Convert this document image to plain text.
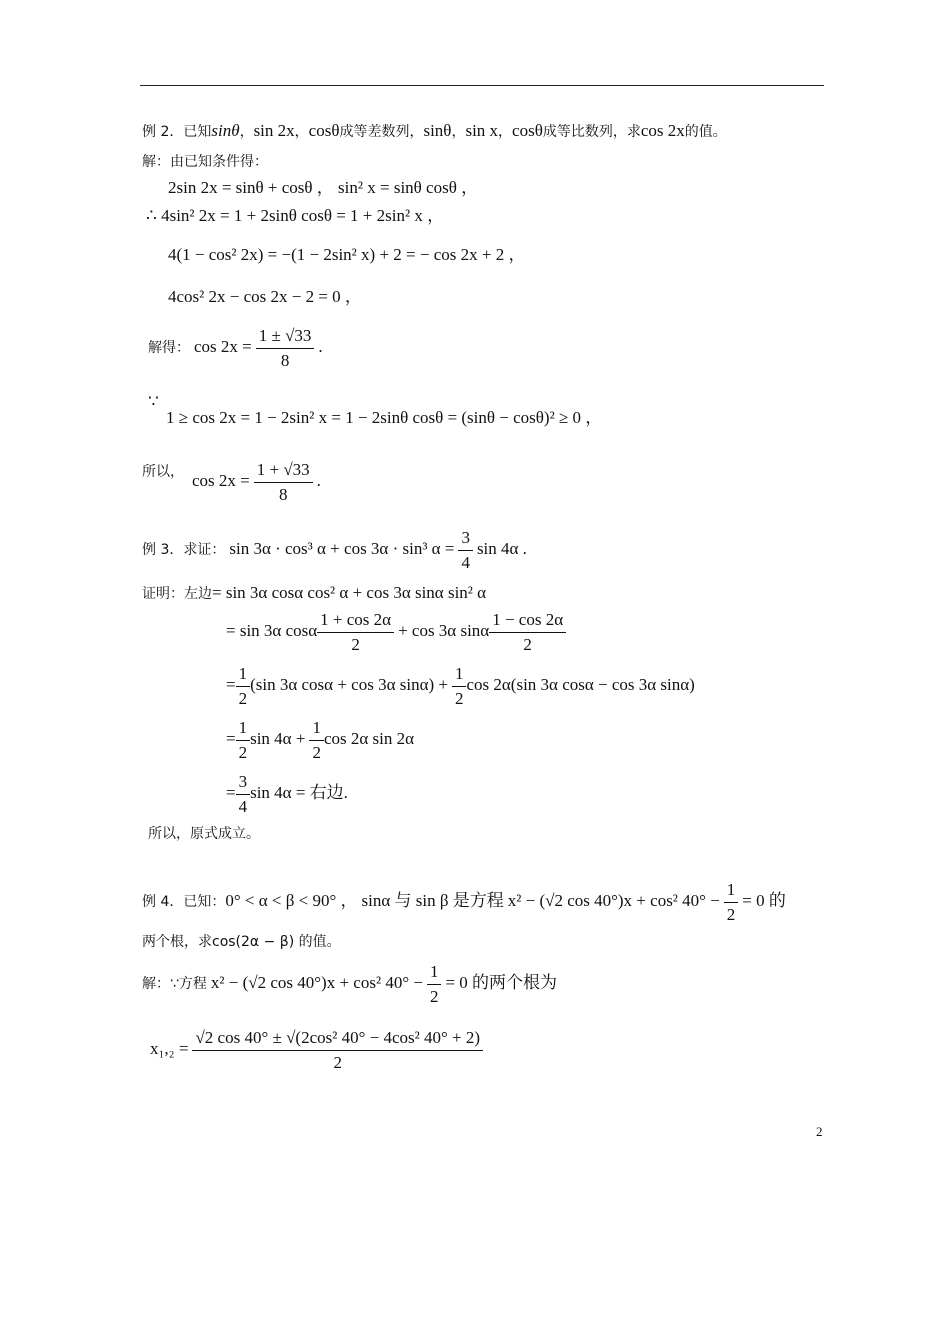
例 2．已知sinθ，sin 2x，cosθ成等差数列，sinθ，sin x，cosθ成等比数列，求cos 2x的值。
解：由已知条件得：
2sin 2x = sinθ + cosθ ， sin² x = sinθ cosθ ，
∴ 4sin² 2x = 1 + 2sinθ cosθ = 1 + 2sin² x ，
4(1 − cos² 2x) = −(1 − 2sin² x) + 2 = − cos 2x + 2 ，
4cos² 2x − cos 2x − 2 = 0 ，
解得： $\cos 2x = \frac{1 \pm √33}{8}$ .
∵
1 ≥ cos 2x = 1 − 2sin² x = 1 − 2sinθ cosθ = (sinθ − cosθ)² ≥ 0 ，
所以， $\cos 2x = \frac{1 + √33}{8}$ .
例 3．求证： sin 3α · cos³ α + cos 3α · sin³ $\alpha = \frac{3}{4}$ sin 4α .
证明：左边= sin 3α cosα cos² α + cos 3α sinα sin² α
= sin 3α cosα $\frac{1 + \cos 2\alpha}{2} + \cos 3\alpha$ sinα $\frac{1 - \cos 2\alpha}{2}$
= $\frac{1}{2} (\sin$ 3α cosα + cos 3α $\sin\alpha) + \frac{1}{2}$ cos 2α(sin 3α cosα − cos 3α sinα)
= $\frac{1}{2}$ $\sin 4\alpha + \frac{1}{2}$ cos 2α sin 2α
= $\frac{3}{4}$ sin 4α = 右边.
所以，原式成立。
例 4．已知：0° < α < β < 90° ， sinα 与 sin β 是方程 x² − (√2 cos 40°)x + cos² $40^\circ - \frac{1}{2} = 0$ 的
两个根，求cos(2α − β) 的值。
解：∵方程 x² − (√2 cos 40°)x + cos² $40^\circ - \frac{1}{2} = 0$ 的两个根为
$x_1,_2 = \frac{\text{√2 cos 40° ± √(2cos² 40° − 4cos² 40° + 2)}}{2}$
2
